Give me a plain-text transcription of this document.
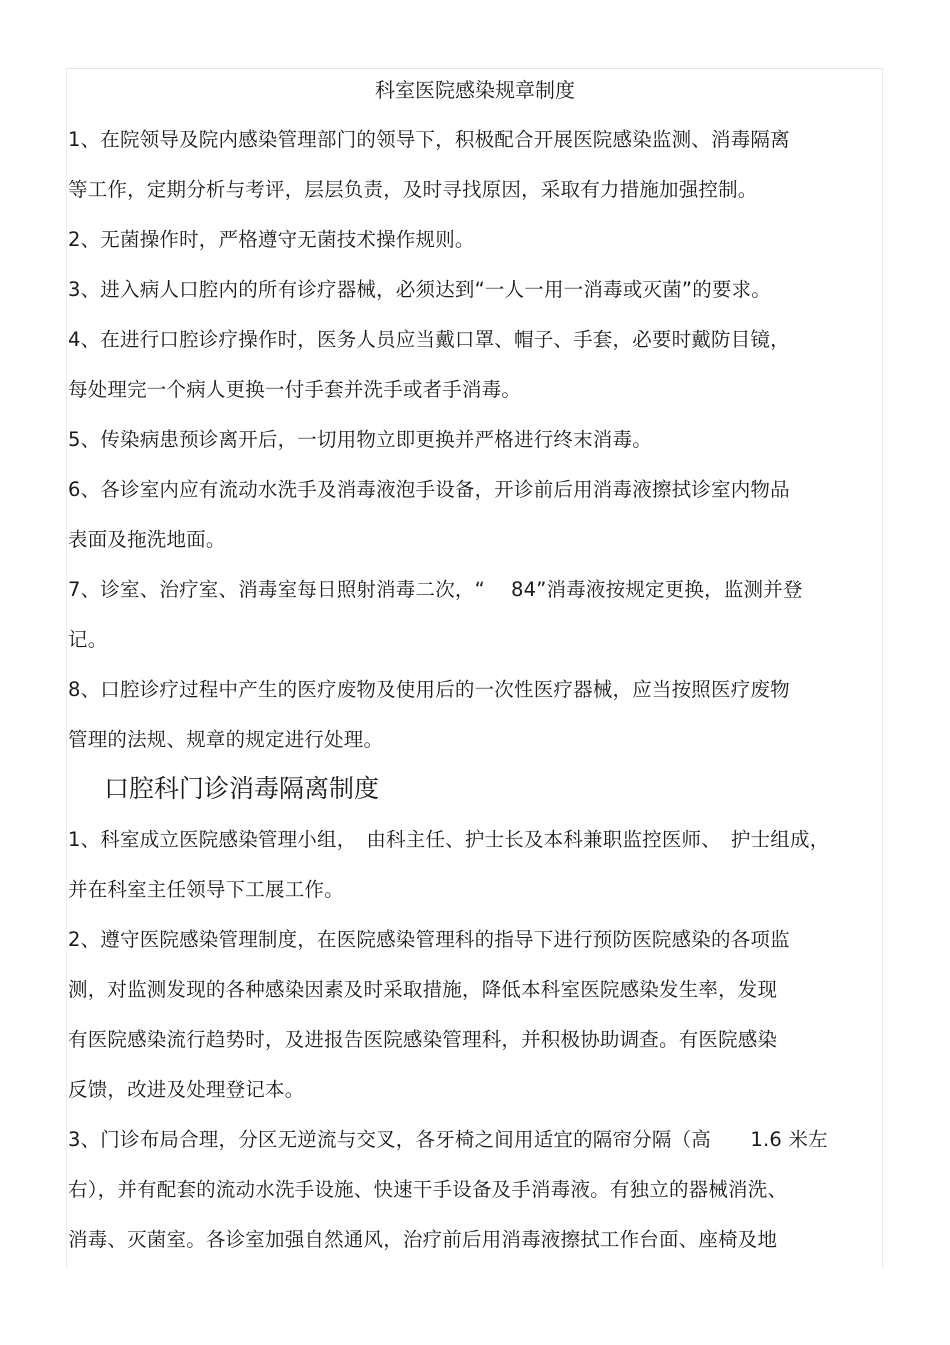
科室医院感染规章制度
1、在院领导及院内感染管理部门的领导下，积极配合开展医院感染监测、消毒隔离
等工作，定期分析与考评，层层负责，及时寻找原因，采取有力措施加强控制。
2、无菌操作时，严格遵守无菌技术操作规则。
3、进入病人口腔内的所有诊疗器械，必须达到“一人一用一消毒或灭菌”的要求。
4、在进行口腔诊疗操作时，医务人员应当戴口罩、帽子、手套，必要时戴防目镜，
每处理完一个病人更换一付手套并洗手或者手消毒。
5、传染病患预诊离开后，一切用物立即更换并严格进行终末消毒。
6、各诊室内应有流动水洗手及消毒液泡手设备，开诊前后用消毒液擦拭诊室内物品
表面及拖洗地面。
7、诊室、治疗室、消毒室每日照射消毒二次，“　 84”消毒液按规定更换，监测并登
记。
8、口腔诊疗过程中产生的医疗废物及使用后的一次性医疗器械，应当按照医疗废物
管理的法规、规章的规定进行处理。
口腔科门诊消毒隔离制度
1、科室成立医院感染管理小组，　由科主任、护士长及本科兼职监控医师、　护士组成，
并在科室主任领导下工展工作。
2、遵守医院感染管理制度，在医院感染管理科的指导下进行预防医院感染的各项监
测，对监测发现的各种感染因素及时采取措施，降低本科室医院感染发生率，发现
有医院感染流行趋势时，及进报告医院感染管理科，并积极协助调查。有医院感染
反馈，改进及处理登记本。
3、门诊布局合理，分区无逆流与交叉，各牙椅之间用适宜的隔帘分隔（高　　1.6 米左
右），并有配套的流动水洗手设施、快速干手设备及手消毒液。有独立的器械消洗、
消毒、灭菌室。各诊室加强自然通风，治疗前后用消毒液擦拭工作台面、座椅及地
